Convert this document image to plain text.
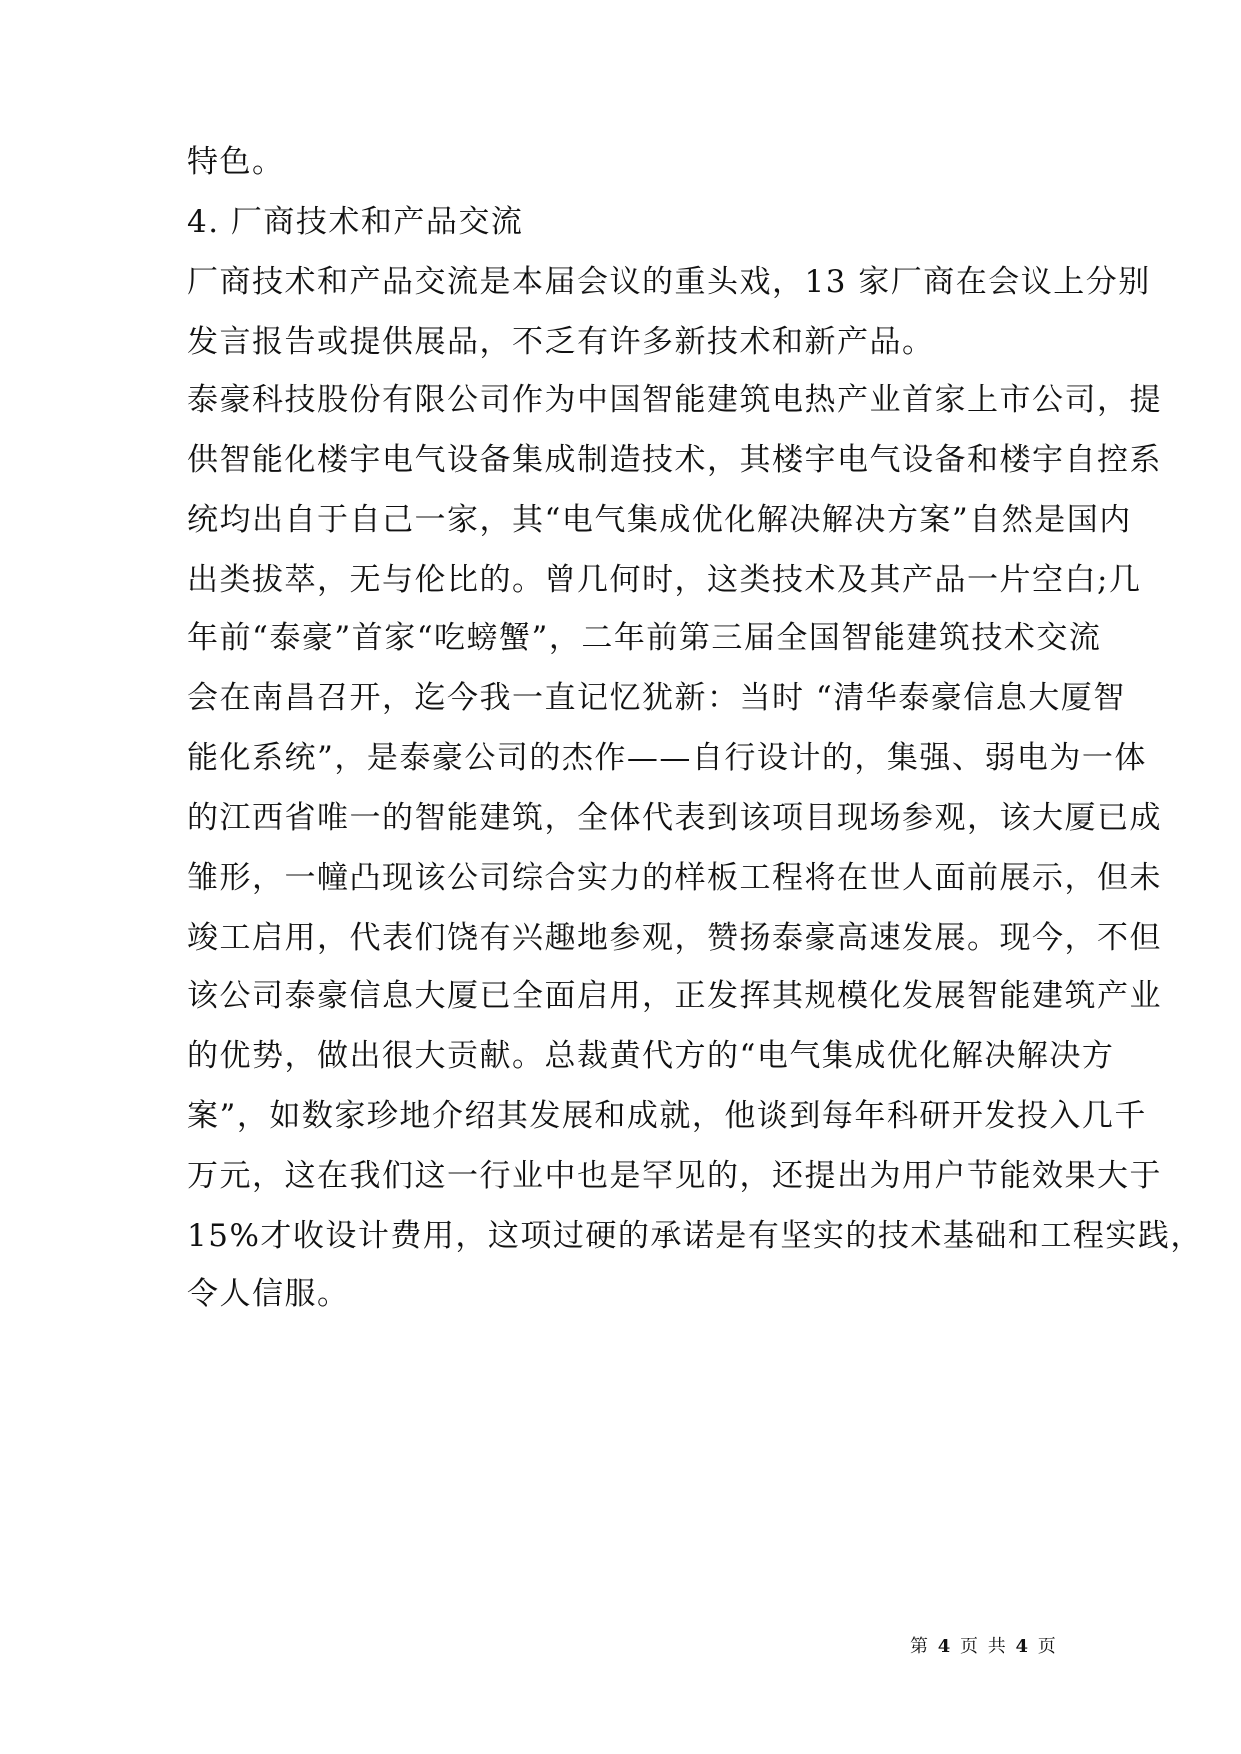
特色。
4. 厂商技术和产品交流
厂商技术和产品交流是本届会议的重头戏，13 家厂商在会议上分别
发言报告或提供展品，不乏有许多新技术和新产品。
泰豪科技股份有限公司作为中国智能建筑电热产业首家上市公司，提
供智能化楼宇电气设备集成制造技术，其楼宇电气设备和楼宇自控系
统均出自于自己一家，其“电气集成优化解决解决方案”自然是国内
出类拔萃，无与伦比的。曾几何时，这类技术及其产品一片空白;几
年前“泰豪”首家“吃螃蟹”，二年前第三届全国智能建筑技术交流
会在南昌召开，迄今我一直记忆犹新：当时 “清华泰豪信息大厦智
能化系统”，是泰豪公司的杰作——自行设计的，集强、弱电为一体
的江西省唯一的智能建筑，全体代表到该项目现场参观，该大厦已成
雏形，一幢凸现该公司综合实力的样板工程将在世人面前展示，但未
竣工启用，代表们饶有兴趣地参观，赞扬泰豪高速发展。现今，不但
该公司泰豪信息大厦已全面启用，正发挥其规模化发展智能建筑产业
的优势，做出很大贡献。总裁黄代方的“电气集成优化解决解决方
案”，如数家珍地介绍其发展和成就，他谈到每年科研开发投入几千
万元，这在我们这一行业中也是罕见的，还提出为用户节能效果大于
15%才收设计费用，这项过硬的承诺是有坚实的技术基础和工程实践，
令人信服。
第 4 页 共 4 页
